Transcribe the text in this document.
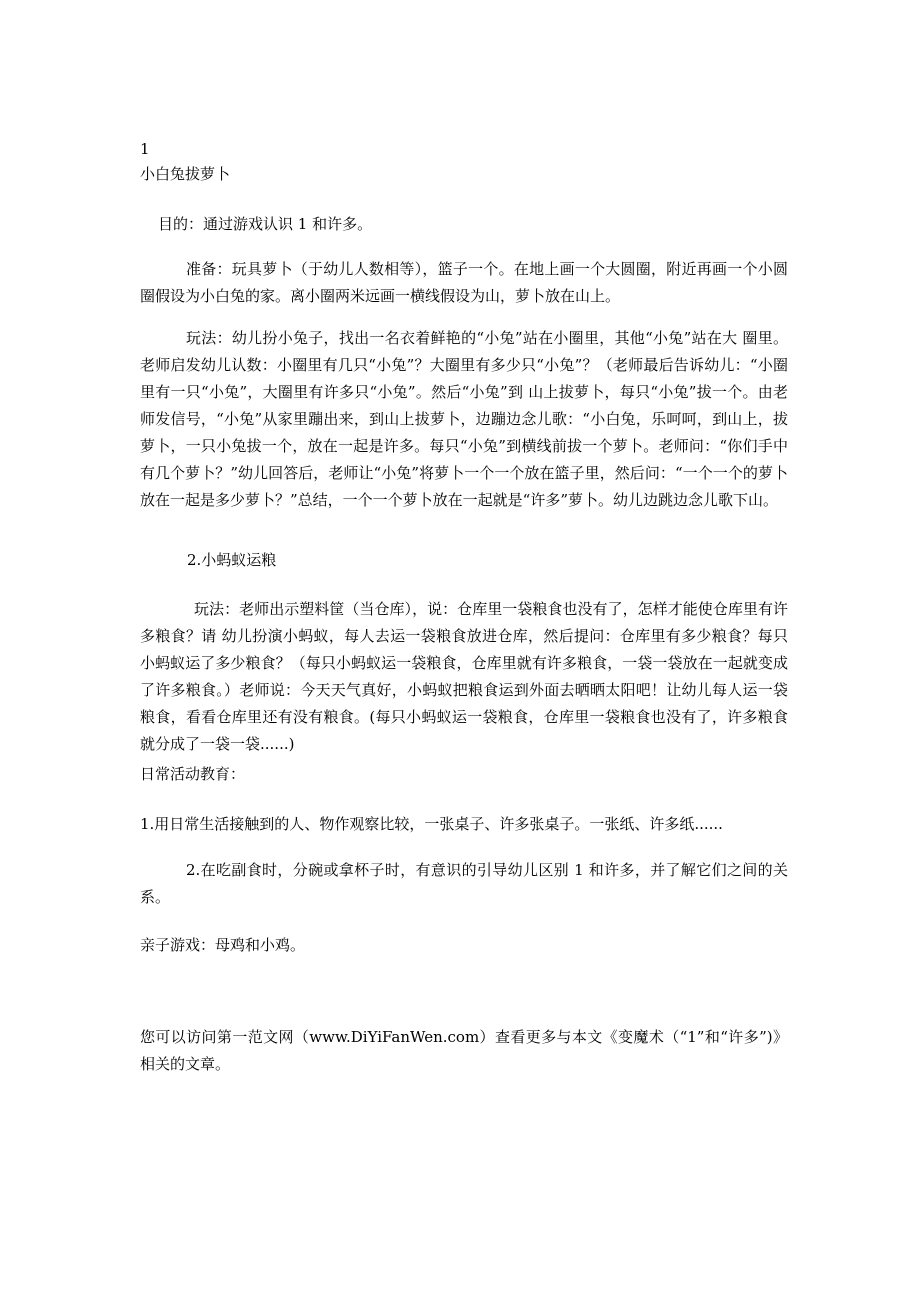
1
小白兔拔萝卜
目的：通过游戏认识 1 和许多。
准备：玩具萝卜（于幼儿人数相等），篮子一个。在地上画一个大圆圈，附近再画一个小圆圈假设为小白兔的家。离小圈两米远画一横线假设为山，萝卜放在山上。
玩法：幼儿扮小兔子，找出一名衣着鲜艳的“小兔”站在小圈里，其他“小兔”站在大 圈里。老师启发幼儿认数：小圈里有几只“小兔”？大圈里有多少只“小兔”？（老师最后告诉幼儿：“小圈里有一只“小兔”，大圈里有许多只“小兔”。然后“小兔”到 山上拔萝卜，每只“小兔”拔一个。由老师发信号，“小兔”从家里蹦出来，到山上拔萝卜，边蹦边念儿歌：“小白兔，乐呵呵，到山上，拔萝卜，一只小兔拔一个，放在一起是许多。每只“小兔”到横线前拔一个萝卜。老师问：“你们手中有几个萝卜？”幼儿回答后，老师让“小兔”将萝卜一个一个放在篮子里，然后问：“一个一个的萝卜放在一起是多少萝卜？”总结，一个一个萝卜放在一起就是“许多”萝卜。幼儿边跳边念儿歌下山。
2.小蚂蚁运粮
玩法：老师出示塑料筐（当仓库），说：仓库里一袋粮食也没有了，怎样才能使仓库里有许多粮食？请 幼儿扮演小蚂蚁，每人去运一袋粮食放进仓库，然后提问：仓库里有多少粮食？每只小蚂蚁运了多少粮食？（每只小蚂蚁运一袋粮食，仓库里就有许多粮食，一袋一袋放在一起就变成了许多粮食。）老师说：今天天气真好，小蚂蚁把粮食运到外面去晒晒太阳吧！让幼儿每人运一袋粮食，看看仓库里还有没有粮食。(每只小蚂蚁运一袋粮食，仓库里一袋粮食也没有了，许多粮食就分成了一袋一袋......)
日常活动教育：
1.用日常生活接触到的人、物作观察比较，一张桌子、许多张桌子。一张纸、许多纸......
2.在吃副食时，分碗或拿杯子时，有意识的引导幼儿区别 1 和许多，并了解它们之间的关系。
亲子游戏：母鸡和小鸡。
您可以访问第一范文网（www.DiYiFanWen.com）查看更多与本文《变魔术（“1”和“许多”)》相关的文章。
